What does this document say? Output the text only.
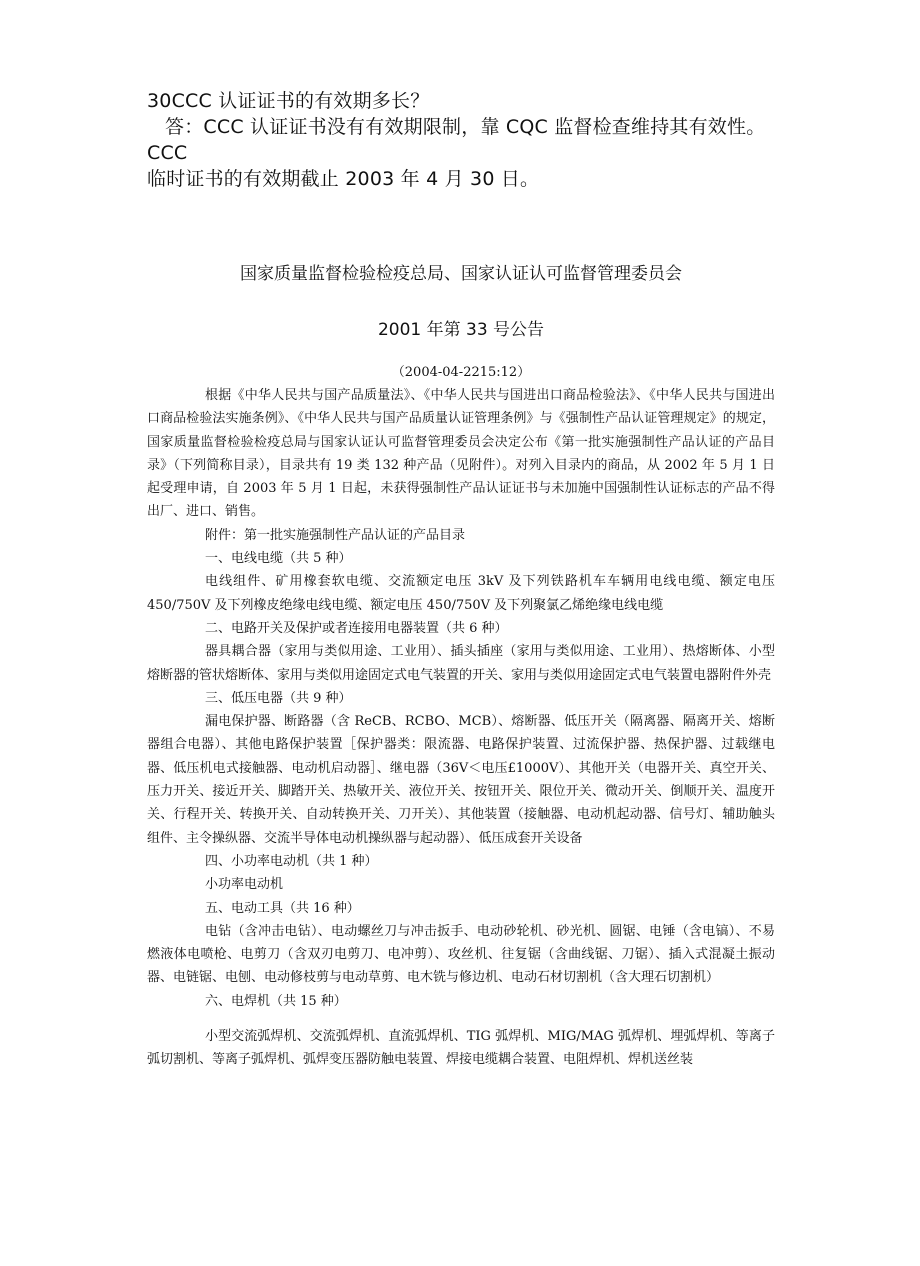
30CCC 认证证书的有效期多长？

答：CCC 认证证书没有有效期限制，靠 CQC 监督检查维持其有效性。CCC

临时证书的有效期截止 2003 年 4 月 30 日。

国家质量监督检验检疫总局、国家认证认可监督管理委员会

2001 年第 33 号公告

（2004-04-2215:12）

根据《中华人民共与国产品质量法》、《中华人民共与国进出口商品检验法》、《中华人民共与国进出口商品检验法实施条例》、《中华人民共与国产品质量认证管理条例》与《强制性产品认证管理规定》的规定，国家质量监督检验检疫总局与国家认证认可监督管理委员会决定公布《第一批实施强制性产品认证的产品目录》（下列简称目录），目录共有 19 类 132 种产品（见附件）。对列入目录内的商品，从 2002 年 5 月 1 日起受理申请，自 2003 年 5 月 1 日起，未获得强制性产品认证证书与未加施中国强制性认证标志的产品不得出厂、进口、销售。

附件：第一批实施强制性产品认证的产品目录

一、电线电缆（共 5 种）

电线组件、矿用橡套软电缆、交流额定电压 3kV 及下列铁路机车车辆用电线电缆、额定电压 450/750V 及下列橡皮绝缘电线电缆、额定电压 450/750V 及下列聚氯乙烯绝缘电线电缆

二、电路开关及保护或者连接用电器装置（共 6 种）

器具耦合器（家用与类似用途、工业用）、插头插座（家用与类似用途、工业用）、热熔断体、小型熔断器的管状熔断体、家用与类似用途固定式电气装置的开关、家用与类似用途固定式电气装置电器附件外壳

三、低压电器（共 9 种）

漏电保护器、断路器（含 ReCB、RCBO、MCB）、熔断器、低压开关（隔离器、隔离开关、熔断器组合电器）、其他电路保护装置［保护器类：限流器、电路保护装置、过流保护器、热保护器、过载继电器、低压机电式接触器、电动机启动器］、继电器（36V＜电压£1000V）、其他开关（电器开关、真空开关、压力开关、接近开关、脚踏开关、热敏开关、液位开关、按钮开关、限位开关、微动开关、倒顺开关、温度开关、行程开关、转换开关、自动转换开关、刀开关）、其他装置（接触器、电动机起动器、信号灯、辅助触头组件、主令操纵器、交流半导体电动机操纵器与起动器）、低压成套开关设备

四、小功率电动机（共 1 种）

小功率电动机

五、电动工具（共 16 种）

电钻（含冲击电钻）、电动螺丝刀与冲击扳手、电动砂轮机、砂光机、圆锯、电锤（含电镐）、不易燃液体电喷枪、电剪刀（含双刃电剪刀、电冲剪）、攻丝机、往复锯（含曲线锯、刀锯）、插入式混凝土振动器、电链锯、电刨、电动修枝剪与电动草剪、电木铣与修边机、电动石材切割机（含大理石切割机）

六、电焊机（共 15 种）

小型交流弧焊机、交流弧焊机、直流弧焊机、TIG 弧焊机、MIG/MAG 弧焊机、埋弧焊机、等离子弧切割机、等离子弧焊机、弧焊变压器防触电装置、焊接电缆耦合装置、电阻焊机、焊机送丝装
